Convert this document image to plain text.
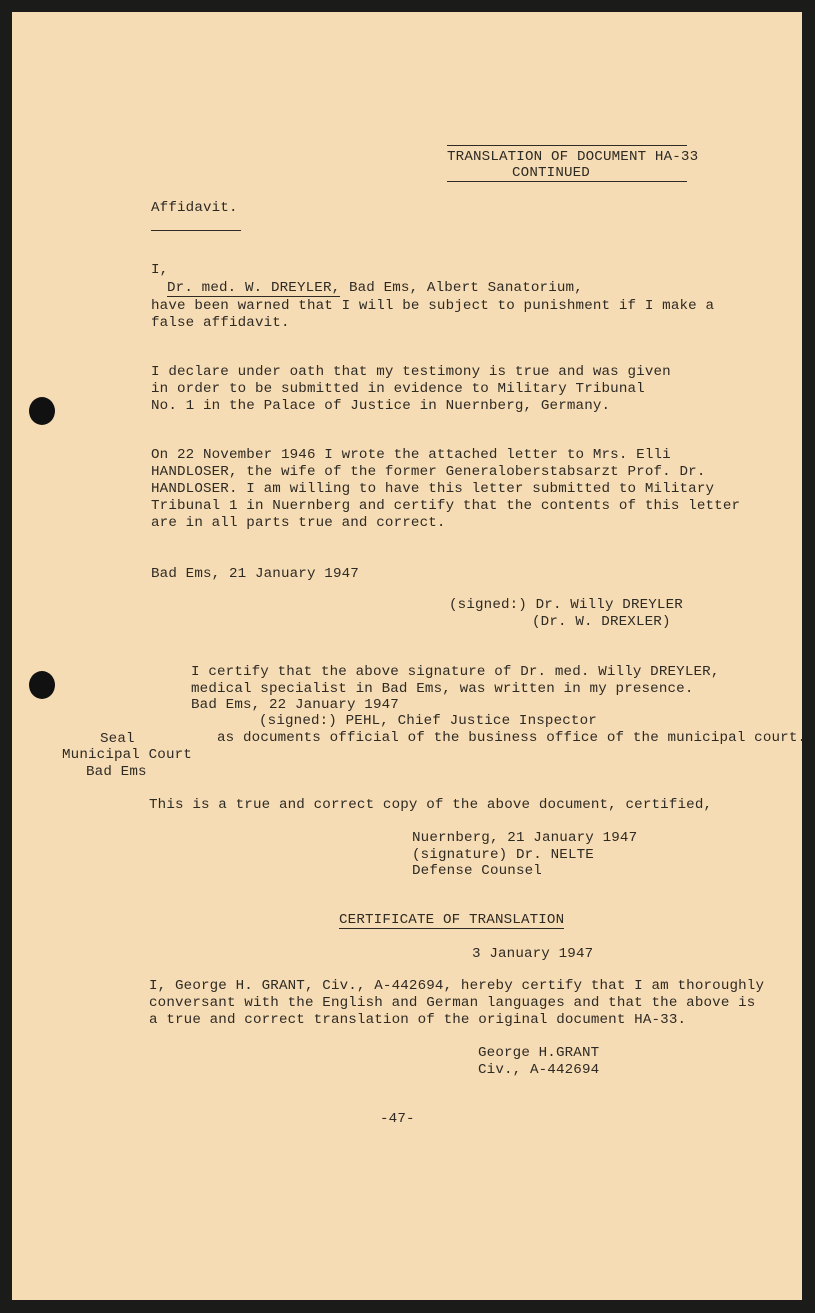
TRANSLATION OF DOCUMENT HA-33
CONTINUED
Affidavit.
I,
Dr. med. W. DREYLER, Bad Ems, Albert Sanatorium,
have been warned that I will be subject to punishment if I make a
false affidavit.
I declare under oath that my testimony is true and was given
in order to be submitted in evidence to Military Tribunal
No. 1 in the Palace of Justice in Nuernberg, Germany.
On 22 November 1946 I wrote the attached letter to Mrs. Elli
HANDLOSER, the wife of the former Generaloberstabsarzt Prof. Dr.
HANDLOSER. I am willing to have this letter submitted to Military
Tribunal 1 in Nuernberg and certify that the contents of this letter
are in all parts true and correct.
Bad Ems, 21 January 1947
(signed:) Dr. Willy DREYLER
(Dr. W. DREXLER)
I certify that the above signature of Dr. med. Willy DREYLER,
medical specialist in Bad Ems, was written in my presence.
Bad Ems, 22 January 1947
(signed:) PEHL, Chief Justice Inspector
as documents official of the business office of the municipal court.
Seal
Municipal Court
Bad Ems
This is a true and correct copy of the above document, certified,
Nuernberg, 21 January 1947
(signature) Dr. NELTE
Defense Counsel
CERTIFICATE OF TRANSLATION
3 January 1947
I, George H. GRANT, Civ., A-442694, hereby certify that I am thoroughly
conversant with the English and German languages and that the above is
a true and correct translation of the original document HA-33.
George H.GRANT
Civ., A-442694
-47-
